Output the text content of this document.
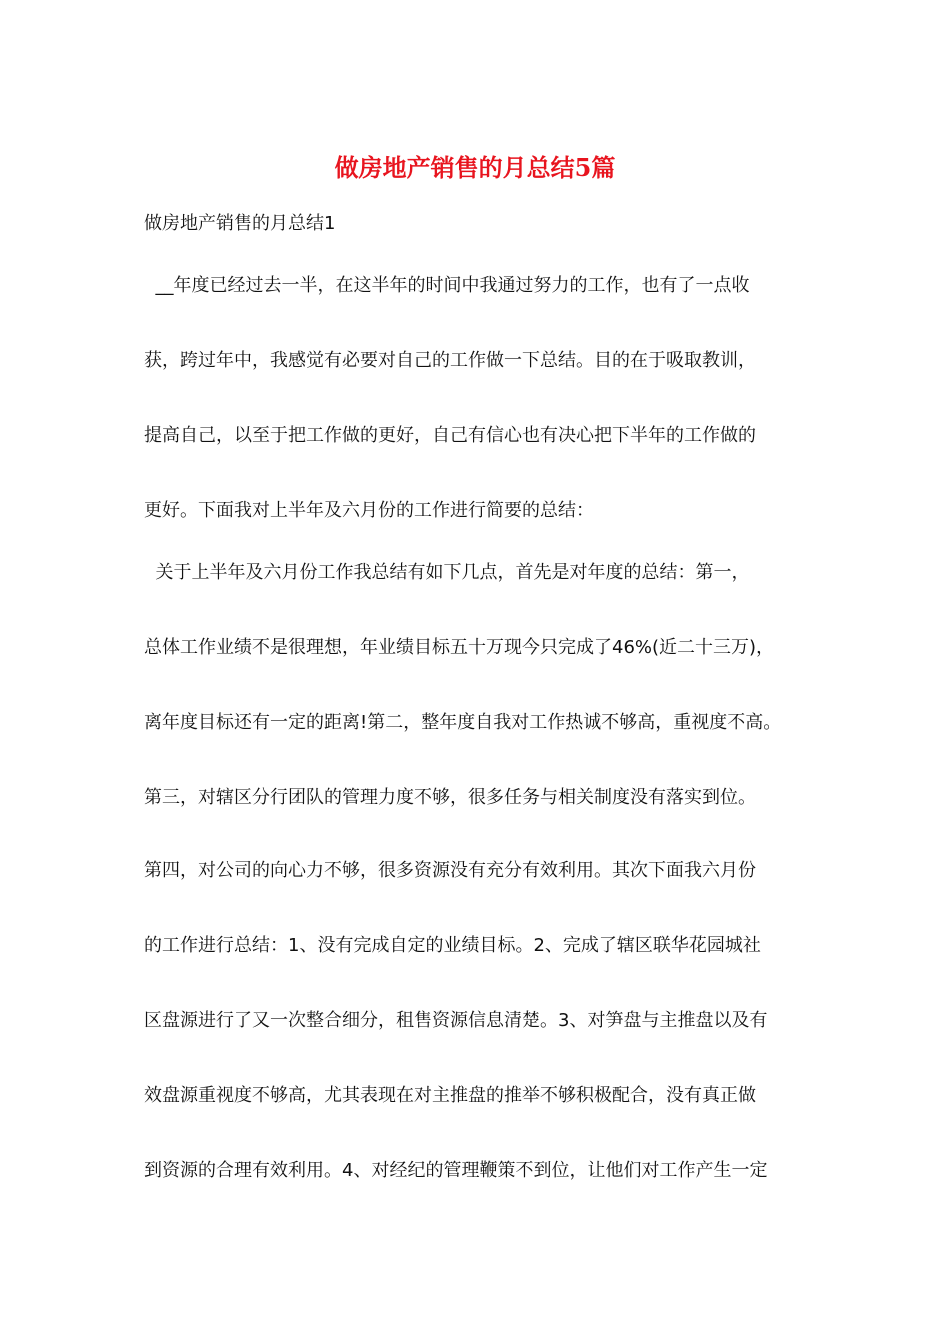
做房地产销售的月总结5篇
做房地产销售的月总结1
__年度已经过去一半，在这半年的时间中我通过努力的工作，也有了一点收
获，跨过年中，我感觉有必要对自己的工作做一下总结。目的在于吸取教训，
提高自己，以至于把工作做的更好，自己有信心也有决心把下半年的工作做的
更好。下面我对上半年及六月份的工作进行简要的总结：
关于上半年及六月份工作我总结有如下几点，首先是对年度的总结：第一，
总体工作业绩不是很理想，年业绩目标五十万现今只完成了46%(近二十三万)，
离年度目标还有一定的距离!第二，整年度自我对工作热诚不够高，重视度不高。
第三，对辖区分行团队的管理力度不够，很多任务与相关制度没有落实到位。
第四，对公司的向心力不够，很多资源没有充分有效利用。其次下面我六月份
的工作进行总结：1、没有完成自定的业绩目标。2、完成了辖区联华花园城社
区盘源进行了又一次整合细分，租售资源信息清楚。3、对笋盘与主推盘以及有
效盘源重视度不够高，尤其表现在对主推盘的推举不够积极配合，没有真正做
到资源的合理有效利用。4、对经纪的管理鞭策不到位，让他们对工作产生一定
